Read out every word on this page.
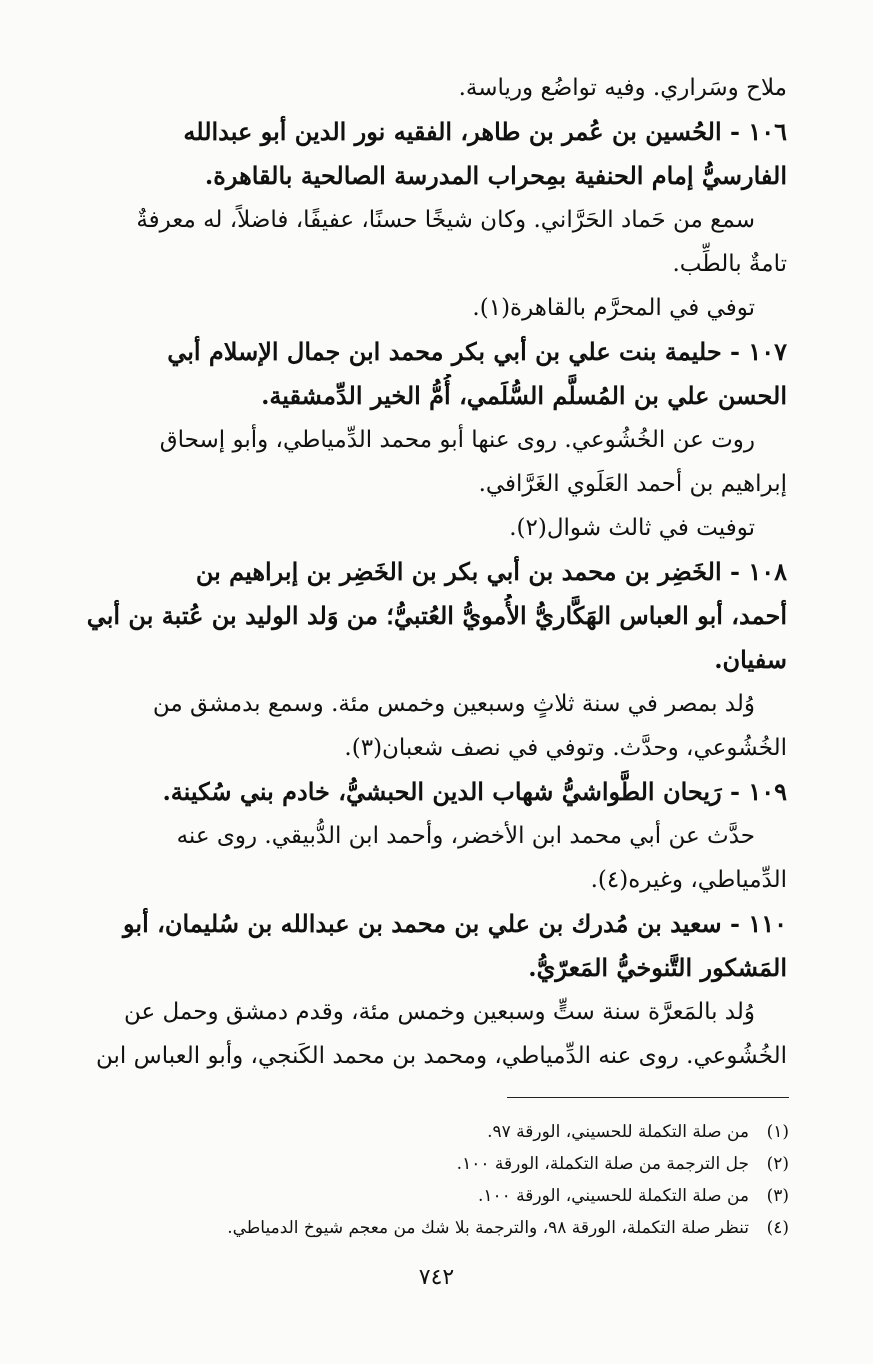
ملاح وسَراري. وفيه تواضُع ورياسة.
١٠٦ - الحُسين بن عُمر بن طاهر، الفقيه نور الدين أبو عبدالله
الفارسيُّ إمام الحنفية بمِحراب المدرسة الصالحية بالقاهرة.
سمع من حَماد الحَرَّاني. وكان شيخًا حسنًا، عفيفًا، فاضلاً، له معرفةٌ
تامةٌ بالطِّب.
توفي في المحرَّم بالقاهرة(١).
١٠٧ - حليمة بنت علي بن أبي بكر محمد ابن جمال الإسلام أبي
الحسن علي بن المُسلَّم السُّلَمي، أُمُّ الخير الدِّمشقية.
روت عن الخُشُوعي. روى عنها أبو محمد الدِّمياطي، وأبو إسحاق
إبراهيم بن أحمد العَلَوي الغَرَّافي.
توفيت في ثالث شوال(٢).
١٠٨ - الخَضِر بن محمد بن أبي بكر بن الخَضِر بن إبراهيم بن
أحمد، أبو العباس الهَكَّاريُّ الأُمويُّ العُتبيُّ؛ من وَلد الوليد بن عُتبة بن أبي
سفيان.
وُلد بمصر في سنة ثلاثٍ وسبعين وخمس مئة. وسمع بدمشق من
الخُشُوعي، وحدَّث. وتوفي في نصف شعبان(٣).
١٠٩ - رَيحان الطَّواشيُّ شهاب الدين الحبشيُّ، خادم بني سُكينة.
حدَّث عن أبي محمد ابن الأخضر، وأحمد ابن الدُّبيقي. روى عنه
الدِّمياطي، وغيره(٤).
١١٠ - سعيد بن مُدرك بن علي بن محمد بن عبدالله بن سُليمان، أبو
المَشكور التَّنوخيُّ المَعرّيُّ.
وُلد بالمَعرَّة سنة ستٍّ وسبعين وخمس مئة، وقدم دمشق وحمل عن
الخُشُوعي. روى عنه الدِّمياطي، ومحمد بن محمد الكَنجي، وأبو العباس ابن
(١)من صلة التكملة للحسيني، الورقة ٩٧.
(٢)جل الترجمة من صلة التكملة، الورقة ١٠٠.
(٣)من صلة التكملة للحسيني، الورقة ١٠٠.
(٤)تنظر صلة التكملة، الورقة ٩٨، والترجمة بلا شك من معجم شيوخ الدمياطي.
٧٤٢
